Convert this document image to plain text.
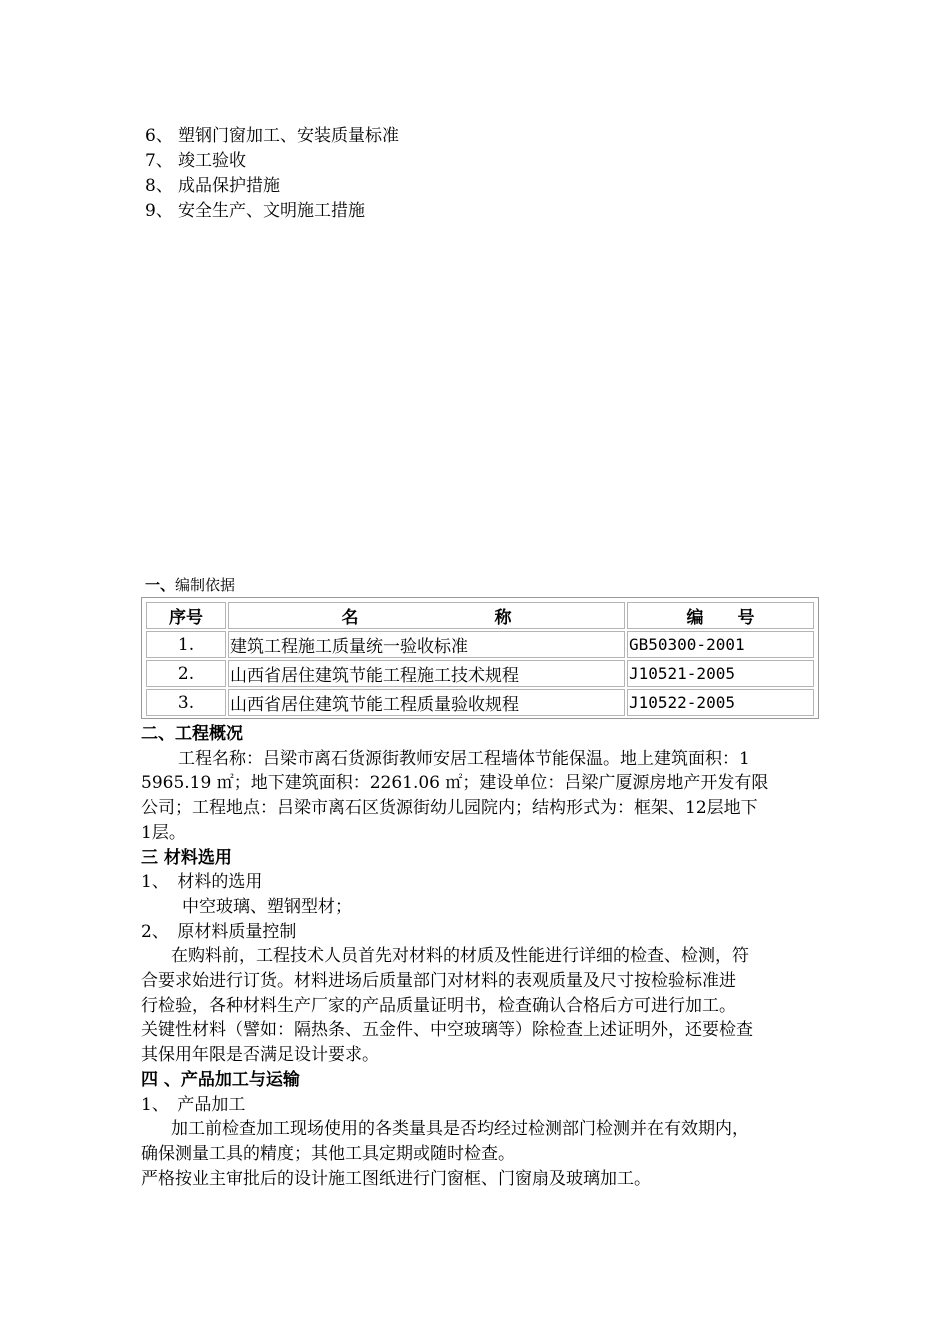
6、 塑钢门窗加工、安装质量标准
7、 竣工验收
8、 成品保护措施
9、 安全生产、文明施工措施
一、编制依据
序号	名　　　　　　　　称	编　　号
1.	建筑工程施工质量统一验收标准	GB50300-2001
2.	山西省居住建筑节能工程施工技术规程	J10521-2005
3.	山西省居住建筑节能工程质量验收规程	J10522-2005

二、工程概况

工程名称：吕梁市离石货源街教师安居工程墙体节能保温。地上建筑面积：1

5965.19 ㎡；地下建筑面积：2261.06 ㎡；建设单位：吕梁广厦源房地产开发有限

公司；工程地点：吕梁市离石区货源街幼儿园院内；结构形式为：框架、12层地下

1层。

三 材料选用

1、　材料的选用

中空玻璃、塑钢型材；

2、　原材料质量控制

在购料前，工程技术人员首先对材料的材质及性能进行详细的检查、检测，符

合要求始进行订货。材料进场后质量部门对材料的表观质量及尺寸按检验标准进

行检验，各种材料生产厂家的产品质量证明书，检查确认合格后方可进行加工。

关键性材料（譬如：隔热条、五金件、中空玻璃等）除检查上述证明外，还要检查

其保用年限是否满足设计要求。

四 、产品加工与运输

1、　产品加工

加工前检查加工现场使用的各类量具是否均经过检测部门检测并在有效期内，

确保测量工具的精度；其他工具定期或随时检查。

严格按业主审批后的设计施工图纸进行门窗框、门窗扇及玻璃加工。
